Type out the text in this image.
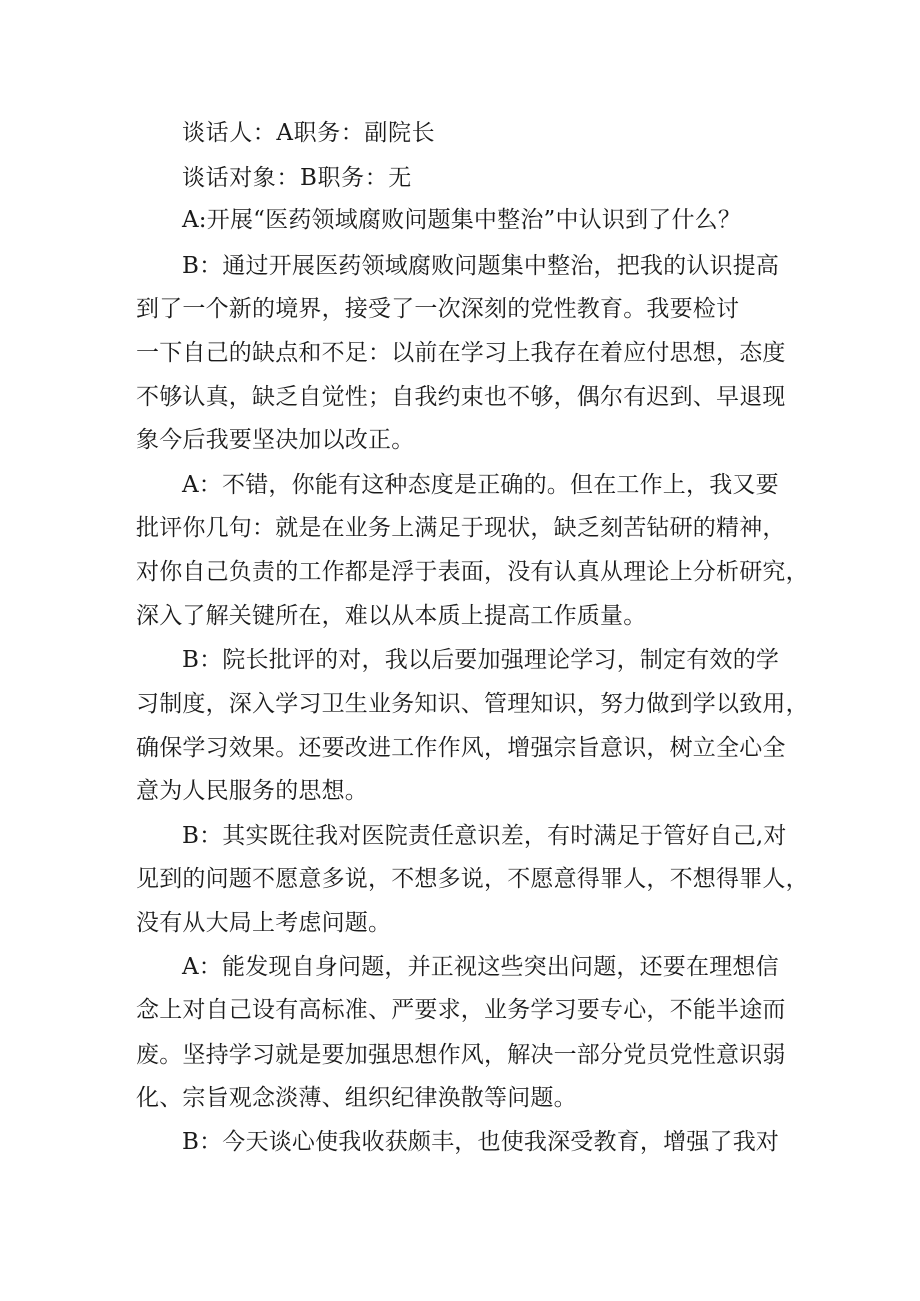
谈话人：A职务：副院长
谈话对象：B职务：无
A:开展“医药领域腐败问题集中整治”中认识到了什么？
B：通过开展医药领域腐败问题集中整治，把我的认识提高
到了一个新的境界，接受了一次深刻的党性教育。我要检讨
一下自己的缺点和不足：以前在学习上我存在着应付思想，态度
不够认真，缺乏自觉性；自我约束也不够，偶尔有迟到、早退现
象今后我要坚决加以改正。
A：不错，你能有这种态度是正确的。但在工作上，我又要
批评你几句：就是在业务上满足于现状，缺乏刻苦钻研的精神，
对你自己负责的工作都是浮于表面，没有认真从理论上分析研究，
深入了解关键所在，难以从本质上提高工作质量。
B：院长批评的对，我以后要加强理论学习，制定有效的学
习制度，深入学习卫生业务知识、管理知识，努力做到学以致用，
确保学习效果。还要改进工作作风，增强宗旨意识，树立全心全
意为人民服务的思想。
B：其实既往我对医院责任意识差，有时满足于管好自己,对
见到的问题不愿意多说，不想多说，不愿意得罪人，不想得罪人，
没有从大局上考虑问题。
A：能发现自身问题，并正视这些突出问题，还要在理想信
念上对自己设有高标准、严要求，业务学习要专心，不能半途而
废。坚持学习就是要加强思想作风，解决一部分党员党性意识弱
化、宗旨观念淡薄、组织纪律涣散等问题。
B：今天谈心使我收获颇丰，也使我深受教育，增强了我对
